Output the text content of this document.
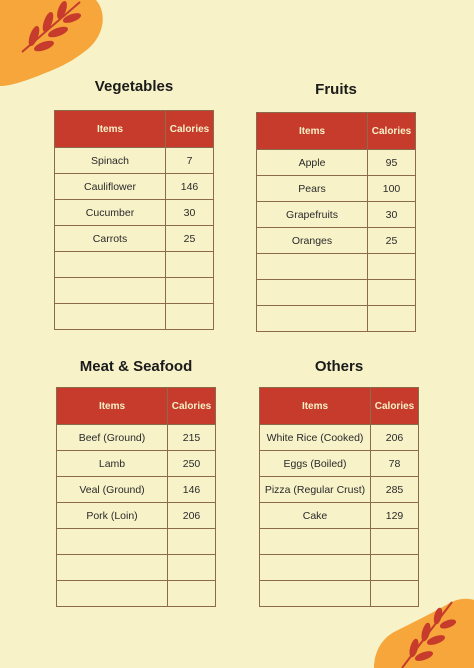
Vegetables
Items	Calories
Spinach	7
Cauliflower	146
Cucumber	30
Carrots	25

Fruits
Items	Calories
Apple	95
Pears	100
Grapefruits	30
Oranges	25

Meat & Seafood
Items	Calories
Beef (Ground)	215
Lamb	250
Veal (Ground)	146
Pork (Loin)	206

Others
Items	Calories
White Rice (Cooked)	206
Eggs (Boiled)	78
Pizza (Regular Crust)	285
Cake	129
